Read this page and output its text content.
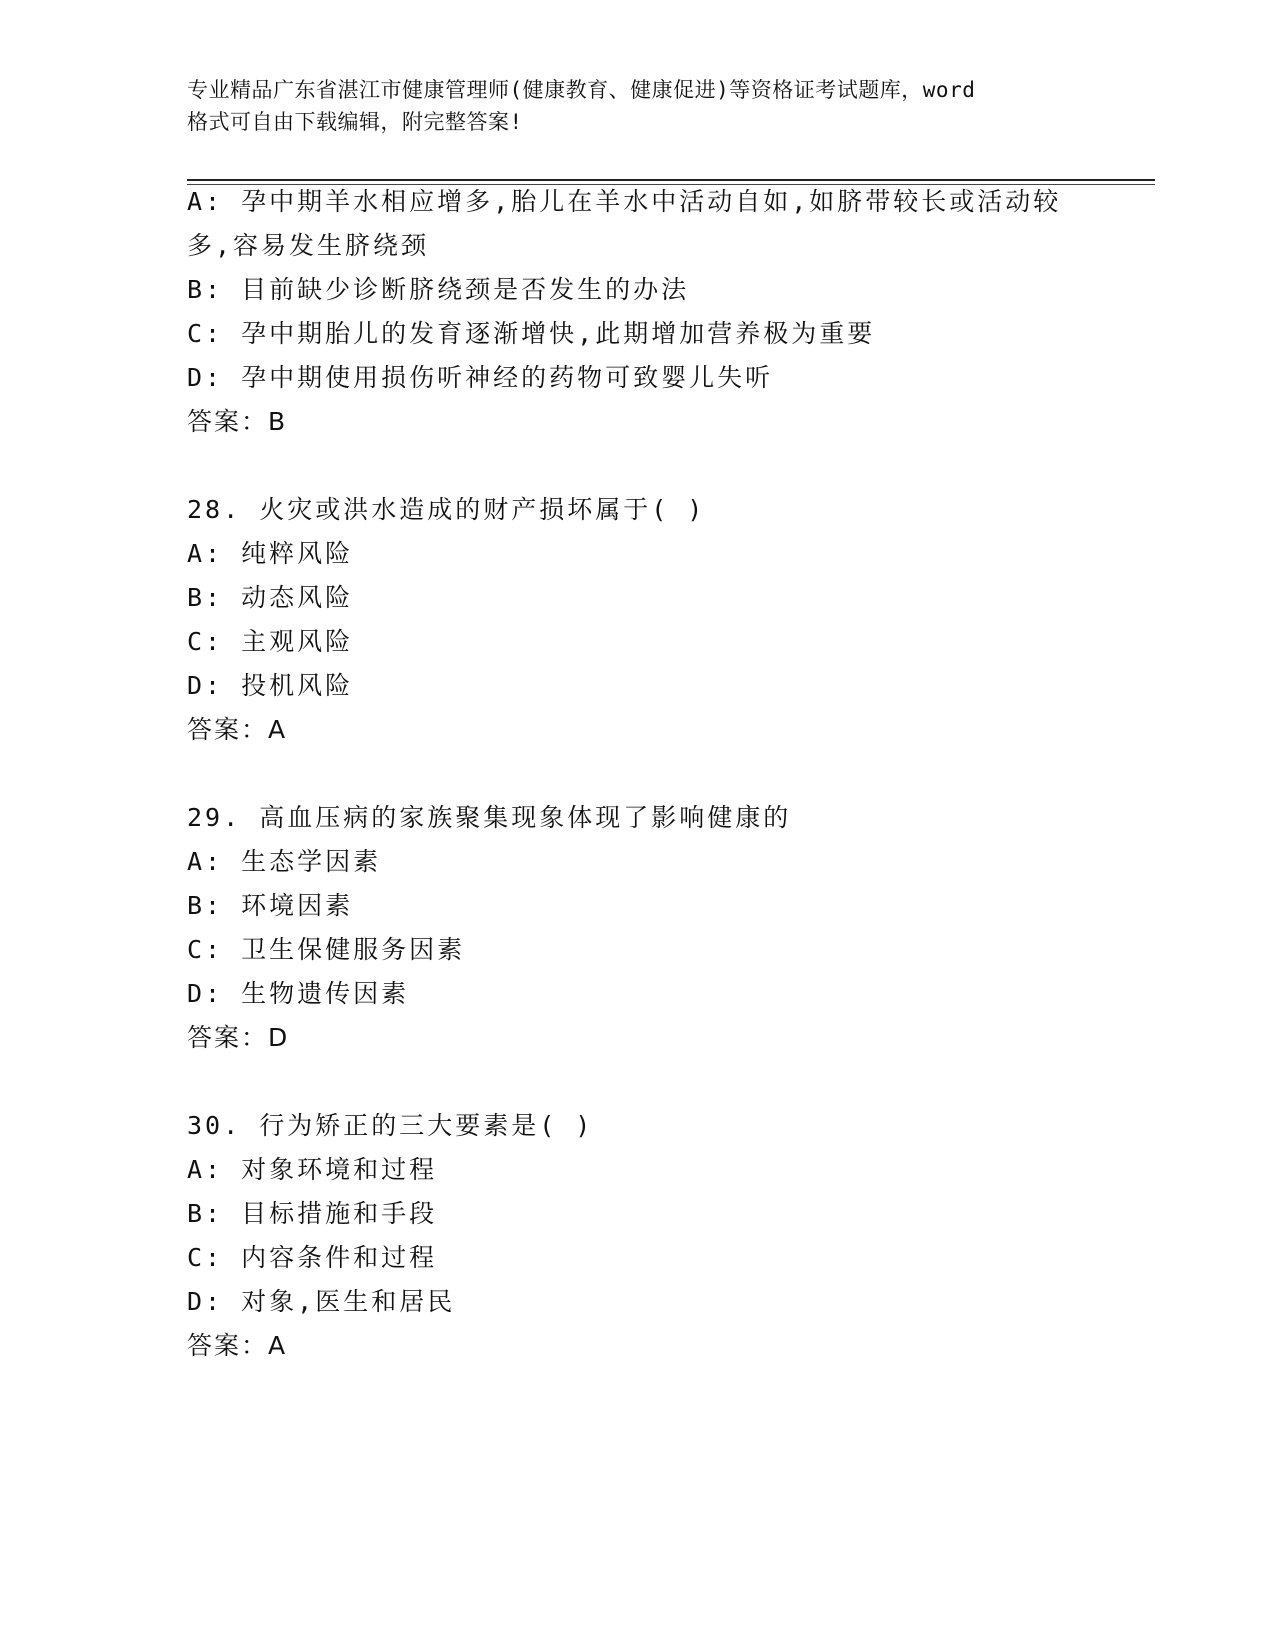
专业精品广东省湛江市健康管理师(健康教育、健康促进)等资格证考试题库，word
格式可自由下载编辑，附完整答案!
A: 孕中期羊水相应增多,胎儿在羊水中活动自如,如脐带较长或活动较
多,容易发生脐绕颈
B: 目前缺少诊断脐绕颈是否发生的办法
C: 孕中期胎儿的发育逐渐增快,此期增加营养极为重要
D: 孕中期使用损伤听神经的药物可致婴儿失听
答案：B
28. 火灾或洪水造成的财产损坏属于( )
A: 纯粹风险
B: 动态风险
C: 主观风险
D: 投机风险
答案：A
29. 高血压病的家族聚集现象体现了影响健康的
A: 生态学因素
B: 环境因素
C: 卫生保健服务因素
D: 生物遗传因素
答案：D
30. 行为矫正的三大要素是( )
A: 对象环境和过程
B: 目标措施和手段
C: 内容条件和过程
D: 对象,医生和居民
答案：A
